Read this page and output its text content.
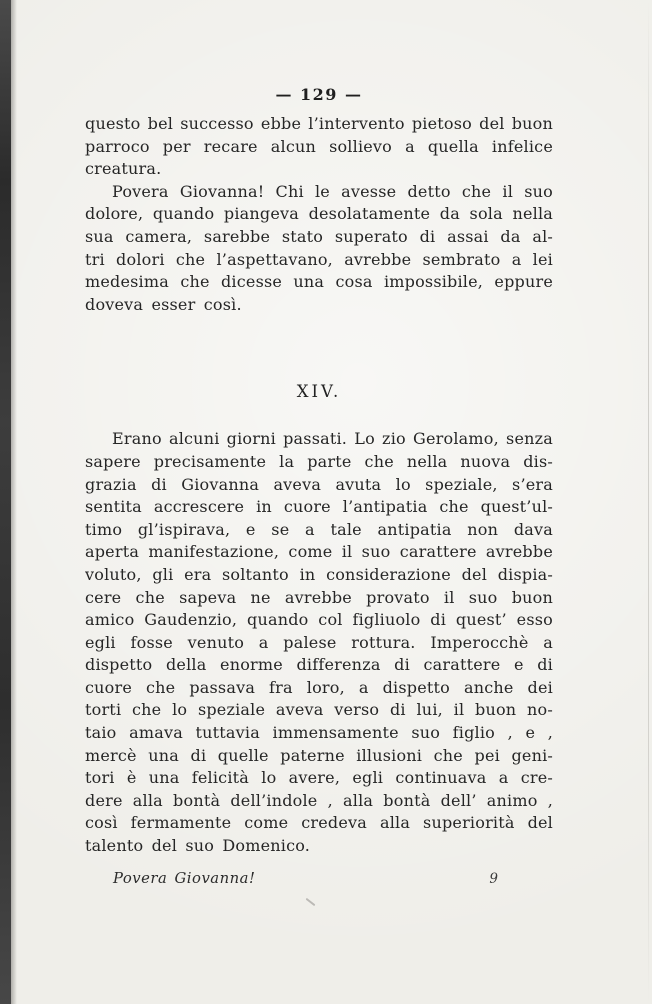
— 129 —
questo bel successo ebbe l’intervento pietoso del buon
parroco per recare alcun sollievo a quella infelice
creatura.
Povera Giovanna! Chi le avesse detto che il suo
dolore, quando piangeva desolatamente da sola nella
sua camera, sarebbe stato superato di assai da al-
tri dolori che l’aspettavano, avrebbe sembrato a lei
medesima che dicesse una cosa impossibile, eppure
doveva esser così.
XIV.
Erano alcuni giorni passati. Lo zio Gerolamo, senza
sapere precisamente la parte che nella nuova dis-
grazia di Giovanna aveva avuta lo speziale, s’era
sentita accrescere in cuore l’antipatia che quest’ul-
timo gl’ispirava, e se a tale antipatia non dava
aperta manifestazione, come il suo carattere avrebbe
voluto, gli era soltanto in considerazione del dispia-
cere che sapeva ne avrebbe provato il suo buon
amico Gaudenzio, quando col figliuolo di quest’ esso
egli fosse venuto a palese rottura. Imperocchè a
dispetto della enorme differenza di carattere e di
cuore che passava fra loro, a dispetto anche dei
torti che lo speziale aveva verso di lui, il buon no-
taio amava tuttavia immensamente suo figlio , e ,
mercè una di quelle paterne illusioni che pei geni-
tori è una felicità lo avere, egli continuava a cre-
dere alla bontà dell’indole , alla bontà dell’ animo ,
così fermamente come credeva alla superiorità del
talento del suo Domenico.
Povera Giovanna!	9
